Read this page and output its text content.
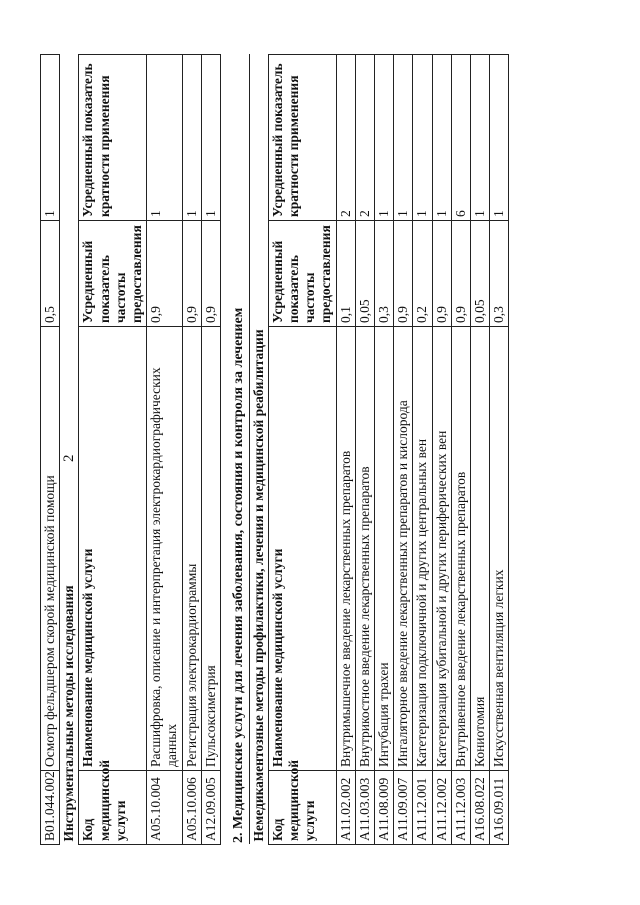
2
B01.044.002	Осмотр фельдшером скорой медицинской помощи	0,5	1
Инструментальные методы исследования			
Код медицинской услуги	Наименование медицинской услуги	Усредненный показатель частоты предоставления	Усредненный показатель кратности применения
A05.10.004	Расшифровка, описание и интерпретация электрокардиографических данных	0,9	1
A05.10.006	Регистрация электрокардиограммы	0,9	1
A12.09.005	Пульсоксиметрия	0,9	1
2. Медицинские услуги для лечения заболевания, состояния и контроля за лечением Немедикаментозные методы профилактики, лечения и медицинской реабилитации			
Код медицинской услуги	Наименование медицинской услуги	Усредненный показатель частоты предоставления	Усредненный показатель кратности применения
A11.02.002	Внутримышечное введение лекарственных препаратов	0,1	2
A11.03.003	Внутрикостное введение лекарственных препаратов	0,05	2
A11.08.009	Интубация трахеи	0,3	1
A11.09.007	Ингаляторное введение лекарственных препаратов и кислорода	0,9	1
A11.12.001	Катетеризация подключичной и других центральных вен	0,2	1
A11.12.002	Катетеризация кубитальной и других периферических вен	0,9	1
A11.12.003	Внутривенное введение лекарственных препаратов	0,9	6
A16.08.022	Кониотомия	0,05	1
A16.09.011	Искусственная вентиляция легких	0,3	1
